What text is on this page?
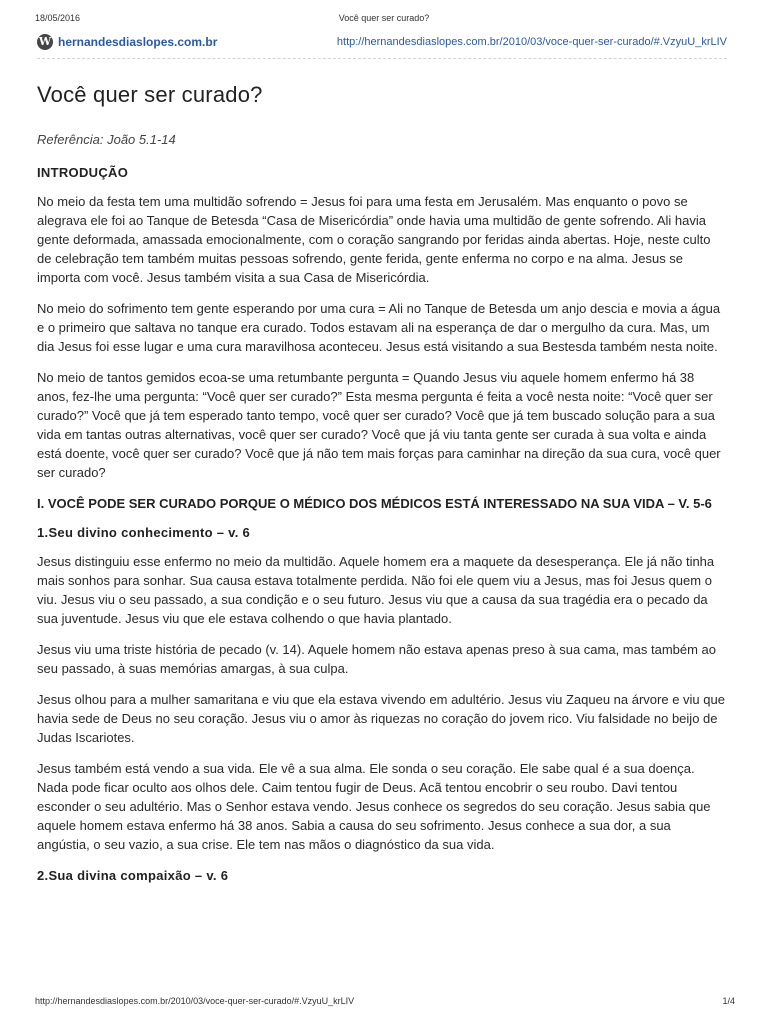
18/05/2016	Você quer ser curado?
W hernandesdiaslopes.com.br	http://hernandesdiaslopes.com.br/2010/03/voce-quer-ser-curado/#.VzyuU_krLIV
Você quer ser curado?

Referência: João 5.1-14

INTRODUÇÃO

No meio da festa tem uma multidão sofrendo = Jesus foi para uma festa em Jerusalém. Mas enquanto o povo se alegrava ele foi ao Tanque de Betesda “Casa de Misericórdia” onde havia uma multidão de gente sofrendo. Ali havia gente deformada, amassada emocionalmente, com o coração sangrando por feridas ainda abertas. Hoje, neste culto de celebração tem também muitas pessoas sofrendo, gente ferida, gente enferma no corpo e na alma. Jesus se importa com você. Jesus também visita a sua Casa de Misericórdia.

No meio do sofrimento tem gente esperando por uma cura = Ali no Tanque de Betesda um anjo descia e movia a água e o primeiro que saltava no tanque era curado. Todos estavam ali na esperança de dar o mergulho da cura. Mas, um dia Jesus foi esse lugar e uma cura maravilhosa aconteceu. Jesus está visitando a sua Bestesda também nesta noite.

No meio de tantos gemidos ecoa-se uma retumbante pergunta = Quando Jesus viu aquele homem enfermo há 38 anos, fez-lhe uma pergunta: “Você quer ser curado?” Esta mesma pergunta é feita a você nesta noite: “Você quer ser curado?” Você que já tem esperado tanto tempo, você quer ser curado? Você que já tem buscado solução para a sua vida em tantas outras alternativas, você quer ser curado? Você que já viu tanta gente ser curada à sua volta e ainda está doente, você quer ser curado? Você que já não tem mais forças para caminhar na direção da sua cura, você quer ser curado?

I. VOCÊ PODE SER CURADO PORQUE O MÉDICO DOS MÉDICOS ESTÁ INTERESSADO NA SUA VIDA – V. 5-6

1.Seu divino conhecimento – v. 6

Jesus distinguiu esse enfermo no meio da multidão. Aquele homem era a maquete da desesperança. Ele já não tinha mais sonhos para sonhar. Sua causa estava totalmente perdida. Não foi ele quem viu a Jesus, mas foi Jesus quem o viu. Jesus viu o seu passado, a sua condição e o seu futuro. Jesus viu que a causa da sua tragédia era o pecado da sua juventude. Jesus viu que ele estava colhendo o que havia plantado.

Jesus viu uma triste história de pecado (v. 14). Aquele homem não estava apenas preso à sua cama, mas também ao seu passado, à suas memórias amargas, à sua culpa.

Jesus olhou para a mulher samaritana e viu que ela estava vivendo em adultério. Jesus viu Zaqueu na árvore e viu que havia sede de Deus no seu coração. Jesus viu o amor às riquezas no coração do jovem rico. Viu falsidade no beijo de Judas Iscariotes.

Jesus também está vendo a sua vida. Ele vê a sua alma. Ele sonda o seu coração. Ele sabe qual é a sua doença. Nada pode ficar oculto aos olhos dele. Caim tentou fugir de Deus. Acã tentou encobrir o seu roubo. Davi tentou esconder o seu adultério. Mas o Senhor estava vendo. Jesus conhece os segredos do seu coração. Jesus sabia que aquele homem estava enfermo há 38 anos. Sabia a causa do seu sofrimento. Jesus conhece a sua dor, a sua angústia, o seu vazio, a sua crise. Ele tem nas mãos o diagnóstico da sua vida.

2.Sua divina compaixão – v. 6

http://hernandesdiaslopes.com.br/2010/03/voce-quer-ser-curado/#.VzyuU_krLIV	1/4
